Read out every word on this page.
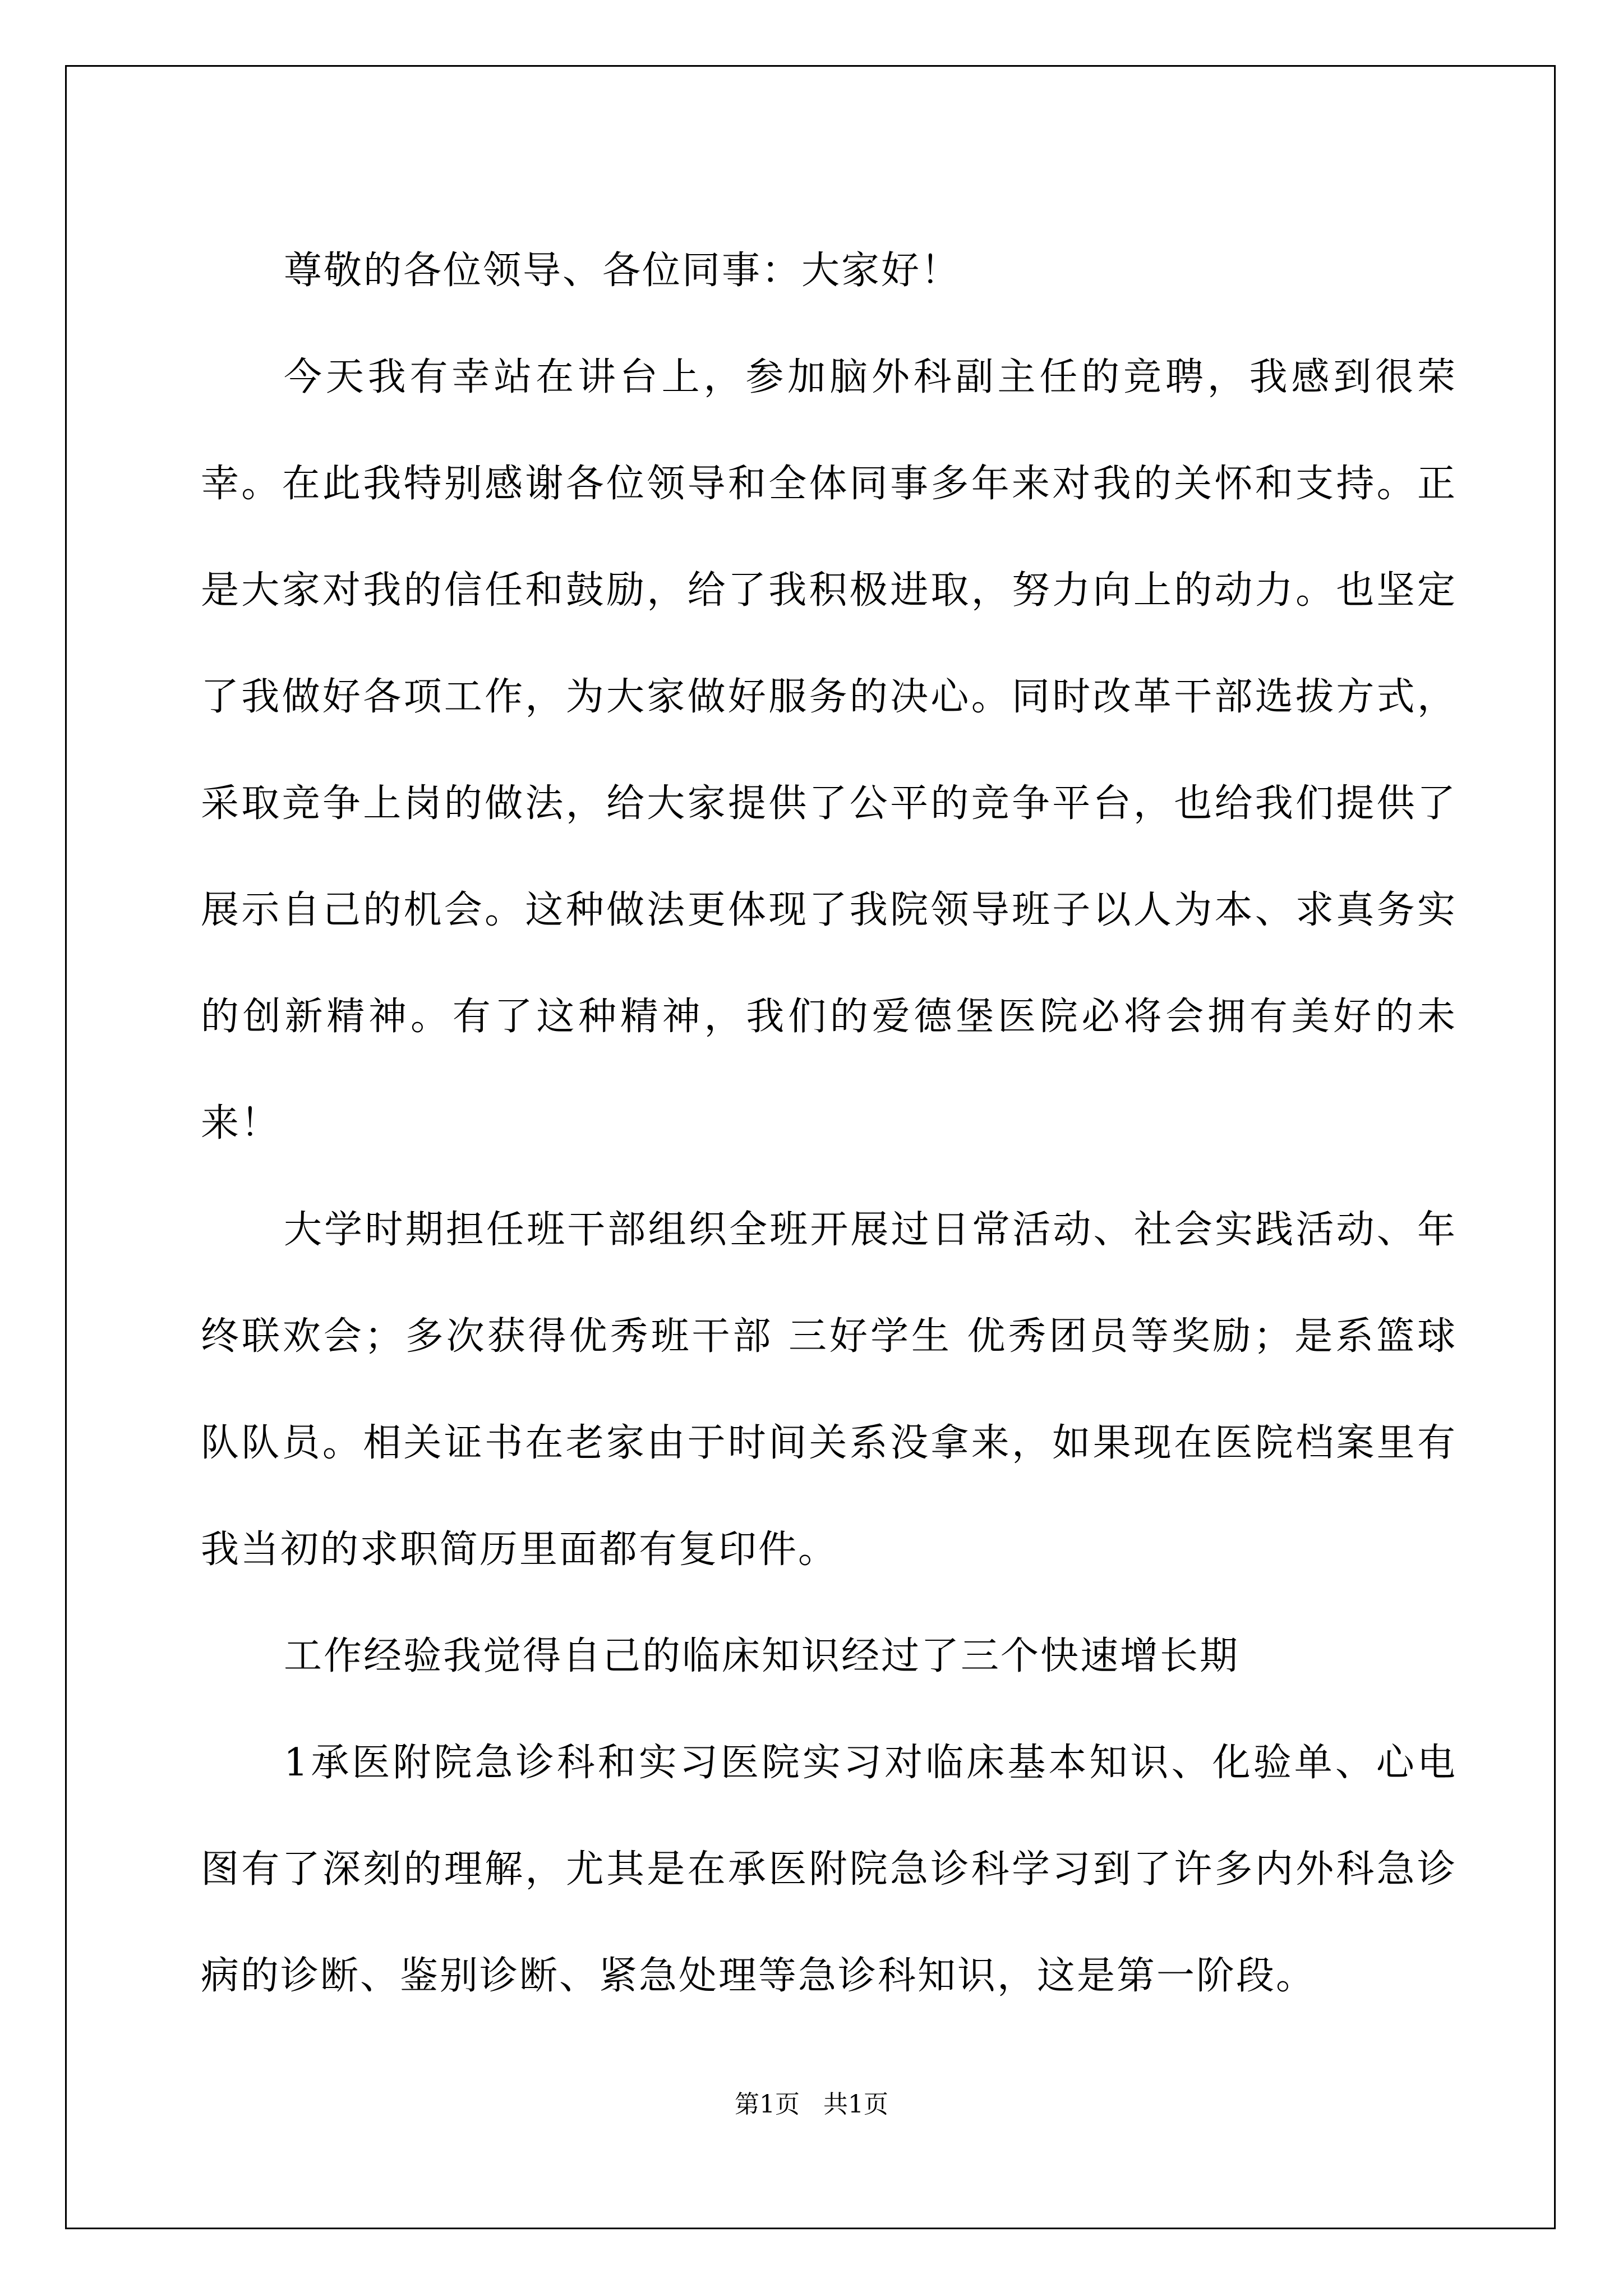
尊敬的各位领导、各位同事：大家好！

今天我有幸站在讲台上，参加脑外科副主任的竞聘，我感到很荣幸。在此我特别感谢各位领导和全体同事多年来对我的关怀和支持。正是大家对我的信任和鼓励，给了我积极进取，努力向上的动力。也坚定了我做好各项工作，为大家做好服务的决心。同时改革干部选拔方式，采取竞争上岗的做法，给大家提供了公平的竞争平台，也给我们提供了展示自己的机会。这种做法更体现了我院领导班子以人为本、求真务实的创新精神。有了这种精神，我们的爱德堡医院必将会拥有美好的未来！

大学时期担任班干部组织全班开展过日常活动、社会实践活动、年终联欢会；多次获得优秀班干部 三好学生 优秀团员等奖励；是系篮球队队员。相关证书在老家由于时间关系没拿来，如果现在医院档案里有我当初的求职简历里面都有复印件。

工作经验我觉得自己的临床知识经过了三个快速增长期

1承医附院急诊科和实习医院实习对临床基本知识、化验单、心电图有了深刻的理解，尤其是在承医附院急诊科学习到了许多内外科急诊病的诊断、鉴别诊断、紧急处理等急诊科知识，这是第一阶段。

第1页 共1页
